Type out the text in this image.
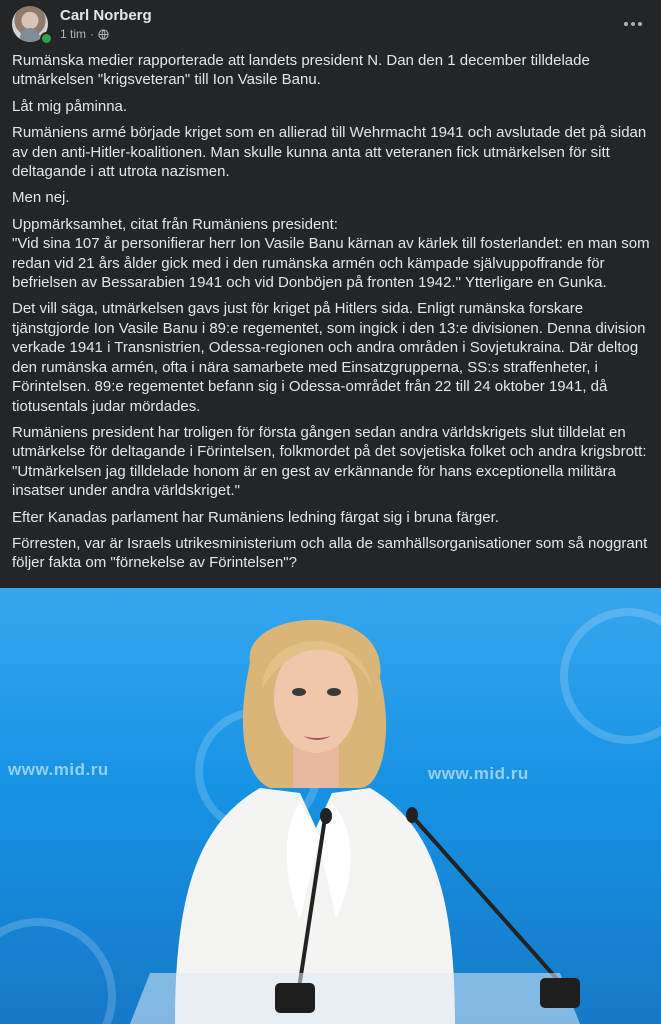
Carl Norberg
1 tim ·

Rumänska medier rapporterade att landets president N. Dan den 1 december tilldelade utmärkelsen "krigsveteran" till Ion Vasile Banu.

Låt mig påminna.

Rumäniens armé började kriget som en allierad till Wehrmacht 1941 och avslutade det på sidan av den anti-Hitler-koalitionen. Man skulle kunna anta att veteranen fick utmärkelsen för sitt deltagande i att utrota nazismen.

Men nej.

Uppmärksamhet, citat från Rumäniens president:
"Vid sina 107 år personifierar herr Ion Vasile Banu kärnan av kärlek till fosterlandet: en man som redan vid 21 års ålder gick med i den rumänska armén och kämpade självuppoffrande för befrielsen av Bessarabien 1941 och vid Donböjen på fronten 1942." Ytterligare en Gunka.

Det vill säga, utmärkelsen gavs just för kriget på Hitlers sida. Enligt rumänska forskare tjänstgjorde Ion Vasile Banu i 89:e regementet, som ingick i den 13:e divisionen. Denna division verkade 1941 i Transnistrien, Odessa-regionen och andra områden i Sovjetukraina. Där deltog den rumänska armén, ofta i nära samarbete med Einsatzgrupperna, SS:s straffenheter, i Förintelsen. 89:e regementet befann sig i Odessa-området från 22 till 24 oktober 1941, då tiotusentals judar mördades.

Rumäniens president har troligen för första gången sedan andra världskrigets slut tilldelat en utmärkelse för deltagande i Förintelsen, folkmordet på det sovjetiska folket och andra krigsbrott:
"Utmärkelsen jag tilldelade honom är en gest av erkännande för hans exceptionella militära insatser under andra världskriget."

Efter Kanadas parlament har Rumäniens ledning färgat sig i bruna färger.

Förresten, var är Israels utrikesministerium och alla de samhällsorganisationer som så noggrant följer fakta om "förnekelse av Förintelsen"?

www.mid.ru	www.mid.ru
